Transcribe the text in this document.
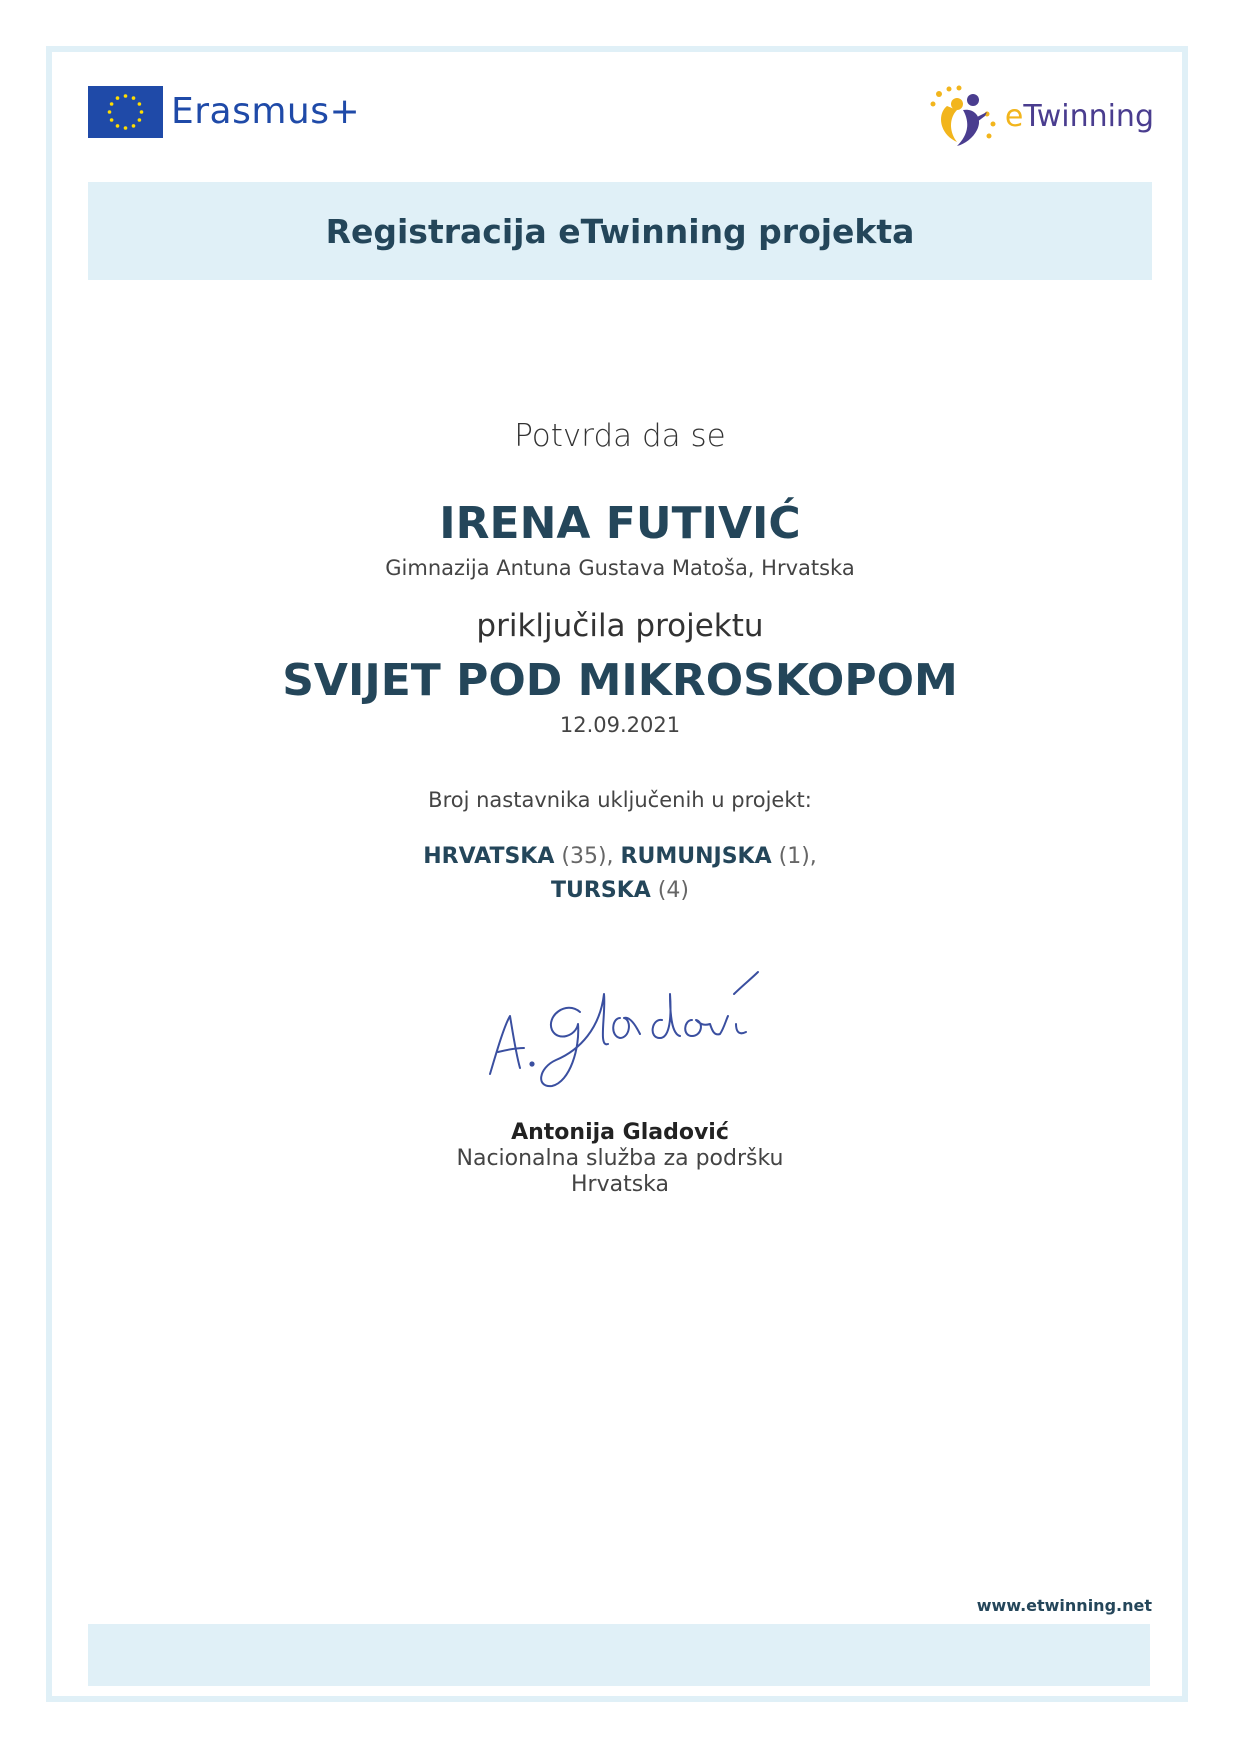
Erasmus+	eTwinning
Registracija eTwinning projekta
Potvrda da se
IRENA FUTIVIĆ
Gimnazija Antuna Gustava Matoša, Hrvatska
priključila projektu
SVIJET POD MIKROSKOPOM
12.09.2021
Broj nastavnika uključenih u projekt:
HRVATSKA (35), RUMUNJSKA (1),
TURSKA (4)
Antonija Gladović
Nacionalna služba za podršku
Hrvatska
www.etwinning.net
